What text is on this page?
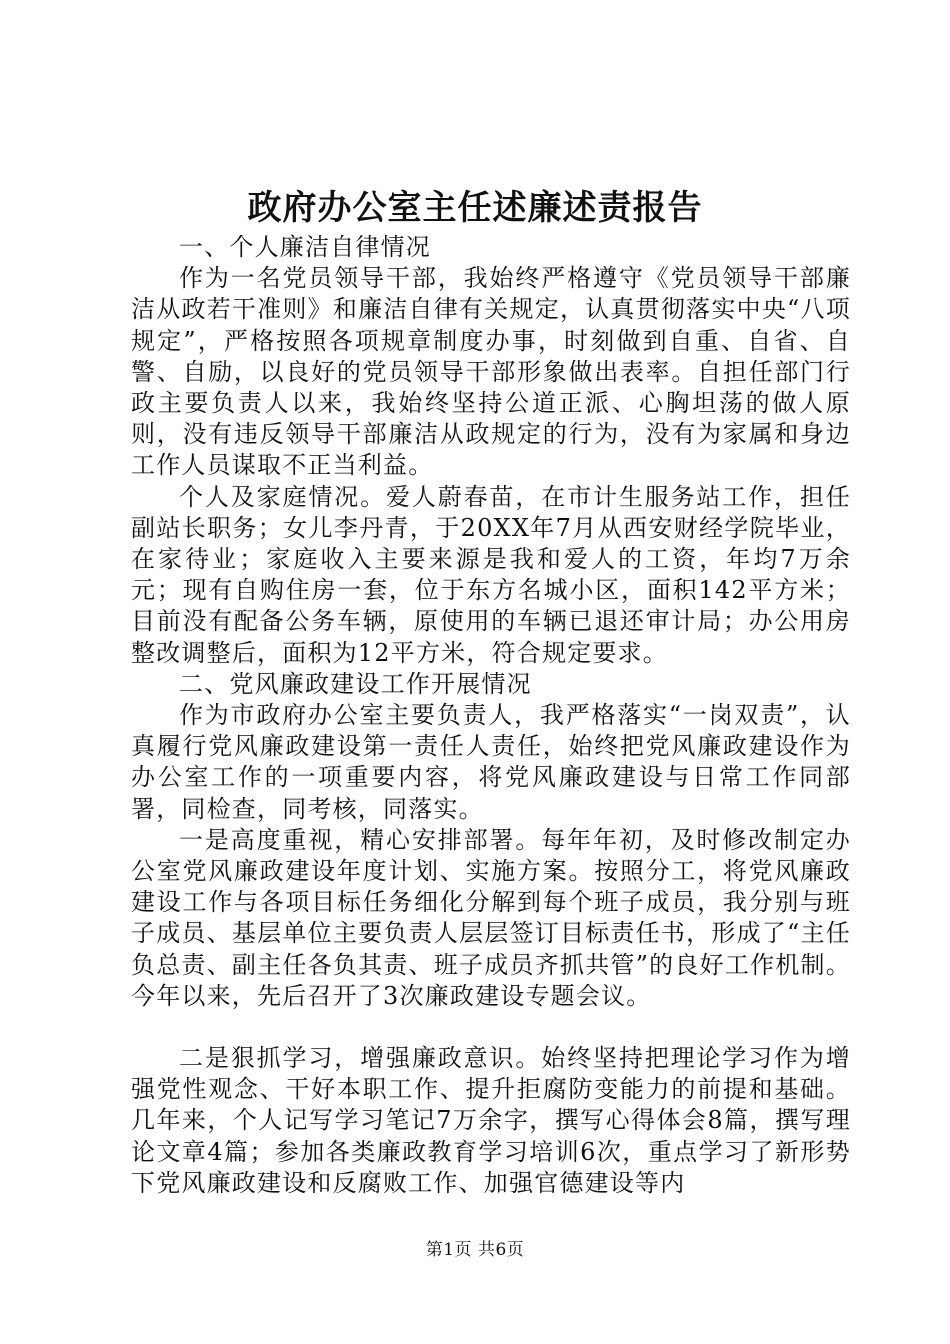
政府办公室主任述廉述责报告

一、个人廉洁自律情况

作为一名党员领导干部，我始终严格遵守《党员领导干部廉洁从政若干准则》和廉洁自律有关规定，认真贯彻落实中央“八项规定”，严格按照各项规章制度办事，时刻做到自重、自省、自警、自励，以良好的党员领导干部形象做出表率。自担任部门行政主要负责人以来，我始终坚持公道正派、心胸坦荡的做人原则，没有违反领导干部廉洁从政规定的行为，没有为家属和身边工作人员谋取不正当利益。

个人及家庭情况。爱人蔚春苗，在市计生服务站工作，担任副站长职务；女儿李丹青，于20XX年7月从西安财经学院毕业，在家待业；家庭收入主要来源是我和爱人的工资，年均7万余元；现有自购住房一套，位于东方名城小区，面积142平方米；目前没有配备公务车辆，原使用的车辆已退还审计局；办公用房整改调整后，面积为12平方米，符合规定要求。

二、党风廉政建设工作开展情况

作为市政府办公室主要负责人，我严格落实“一岗双责”，认真履行党风廉政建设第一责任人责任，始终把党风廉政建设作为办公室工作的一项重要内容，将党风廉政建设与日常工作同部署，同检查，同考核，同落实。

一是高度重视，精心安排部署。每年年初，及时修改制定办公室党风廉政建设年度计划、实施方案。按照分工，将党风廉政建设工作与各项目标任务细化分解到每个班子成员，我分别与班子成员、基层单位主要负责人层层签订目标责任书，形成了“主任负总责、副主任各负其责、班子成员齐抓共管”的良好工作机制。今年以来，先后召开了3次廉政建设专题会议。

二是狠抓学习，增强廉政意识。始终坚持把理论学习作为增强党性观念、干好本职工作、提升拒腐防变能力的前提和基础。几年来，个人记写学习笔记7万余字，撰写心得体会8篇，撰写理论文章4篇；参加各类廉政教育学习培训6次，重点学习了新形势下党风廉政建设和反腐败工作、加强官德建设等内

第1页 共6页
